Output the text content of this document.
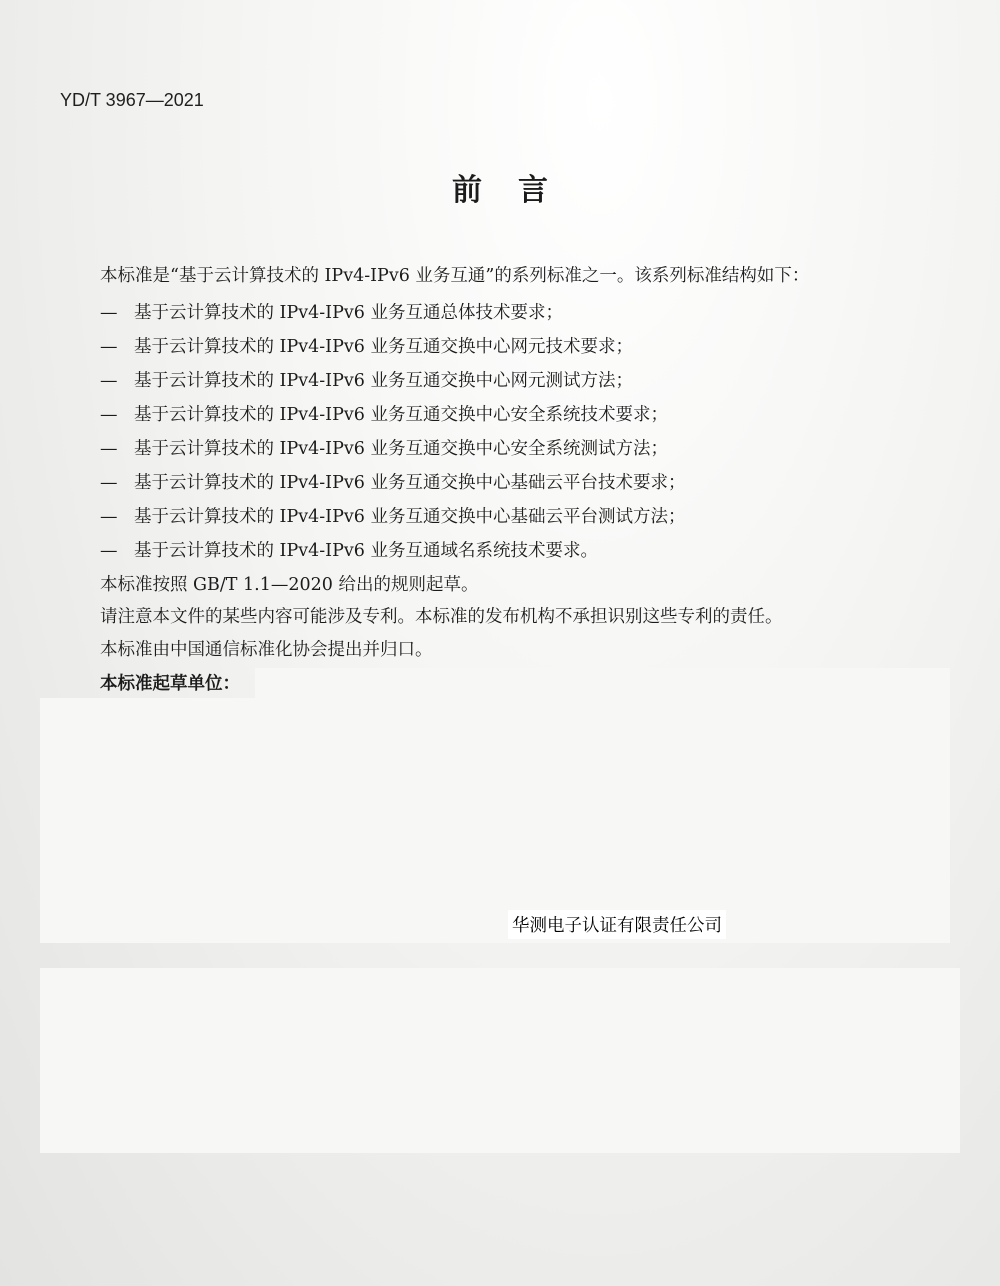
YD/T 3967—2021
前言
本标准是“基于云计算技术的 IPv4-IPv6 业务互通”的系列标准之一。该系列标准结构如下：
— 基于云计算技术的 IPv4-IPv6 业务互通总体技术要求；
— 基于云计算技术的 IPv4-IPv6 业务互通交换中心网元技术要求；
— 基于云计算技术的 IPv4-IPv6 业务互通交换中心网元测试方法；
— 基于云计算技术的 IPv4-IPv6 业务互通交换中心安全系统技术要求；
— 基于云计算技术的 IPv4-IPv6 业务互通交换中心安全系统测试方法；
— 基于云计算技术的 IPv4-IPv6 业务互通交换中心基础云平台技术要求；
— 基于云计算技术的 IPv4-IPv6 业务互通交换中心基础云平台测试方法；
— 基于云计算技术的 IPv4-IPv6 业务互通域名系统技术要求。
本标准按照 GB/T 1.1—2020 给出的规则起草。
请注意本文件的某些内容可能涉及专利。本标准的发布机构不承担识别这些专利的责任。
本标准由中国通信标准化协会提出并归口。
本标准起草单位：
华测电子认证有限责任公司
